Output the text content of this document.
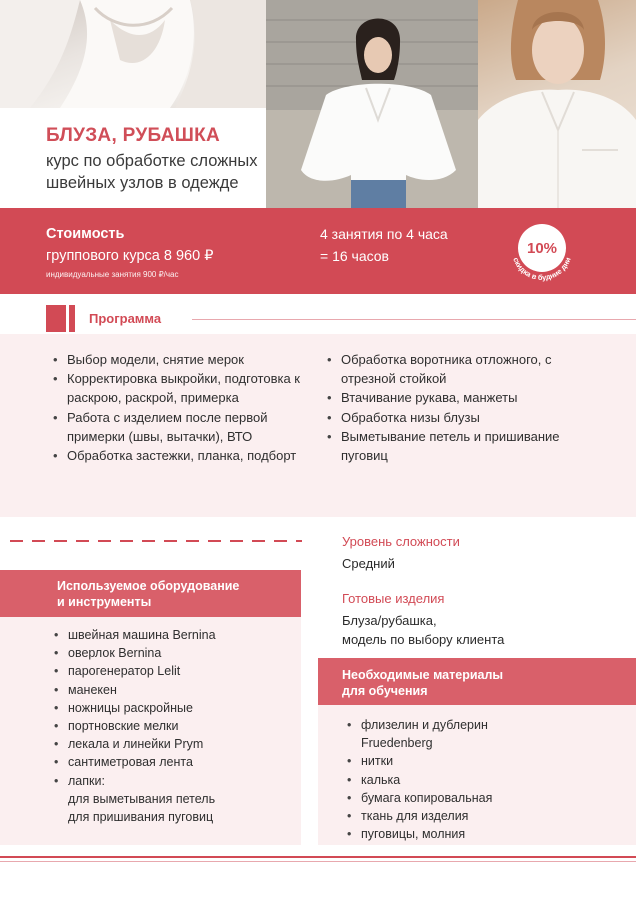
БЛУЗА, РУБАШКА
курс по обработке сложных
швейных узлов в одежде
Стоимость
группового курса 8 960 ₽
индивидуальные занятия 900 ₽/час
4 занятия по 4 часа
= 16 часов	10%
скидка в будние дни
Программа
• Выбор модели, снятие мерок
• Корректировка выкройки, подготовка к раскрою, раскрой, примерка
• Работа с изделием после первой примерки (швы, вытачки), ВТО
• Обработка застежки, планка, подборт
• Обработка воротника отложного, с отрезной стойкой
• Втачивание рукава, манжеты
• Обработка низы блузы
• Выметывание петель и пришивание пуговиц
Уровень сложности
Средний
Готовые изделия
Блуза/рубашка,
модель по выбору клиента
Используемое оборудование
и инструменты
• швейная машина Bernina
• оверлок Bernina
• парогенератор Lelit
• манекен
• ножницы раскройные
• портновские мелки
• лекала и линейки Prym
• сантиметровая лента
• лапки:
для выметывания петель
для пришивания пуговиц
Необходимые материалы
для обучения
• флизелин и дублерин
Fruedenberg
• нитки
• калька
• бумага копировальная
• ткань для изделия
• пуговицы, молния
